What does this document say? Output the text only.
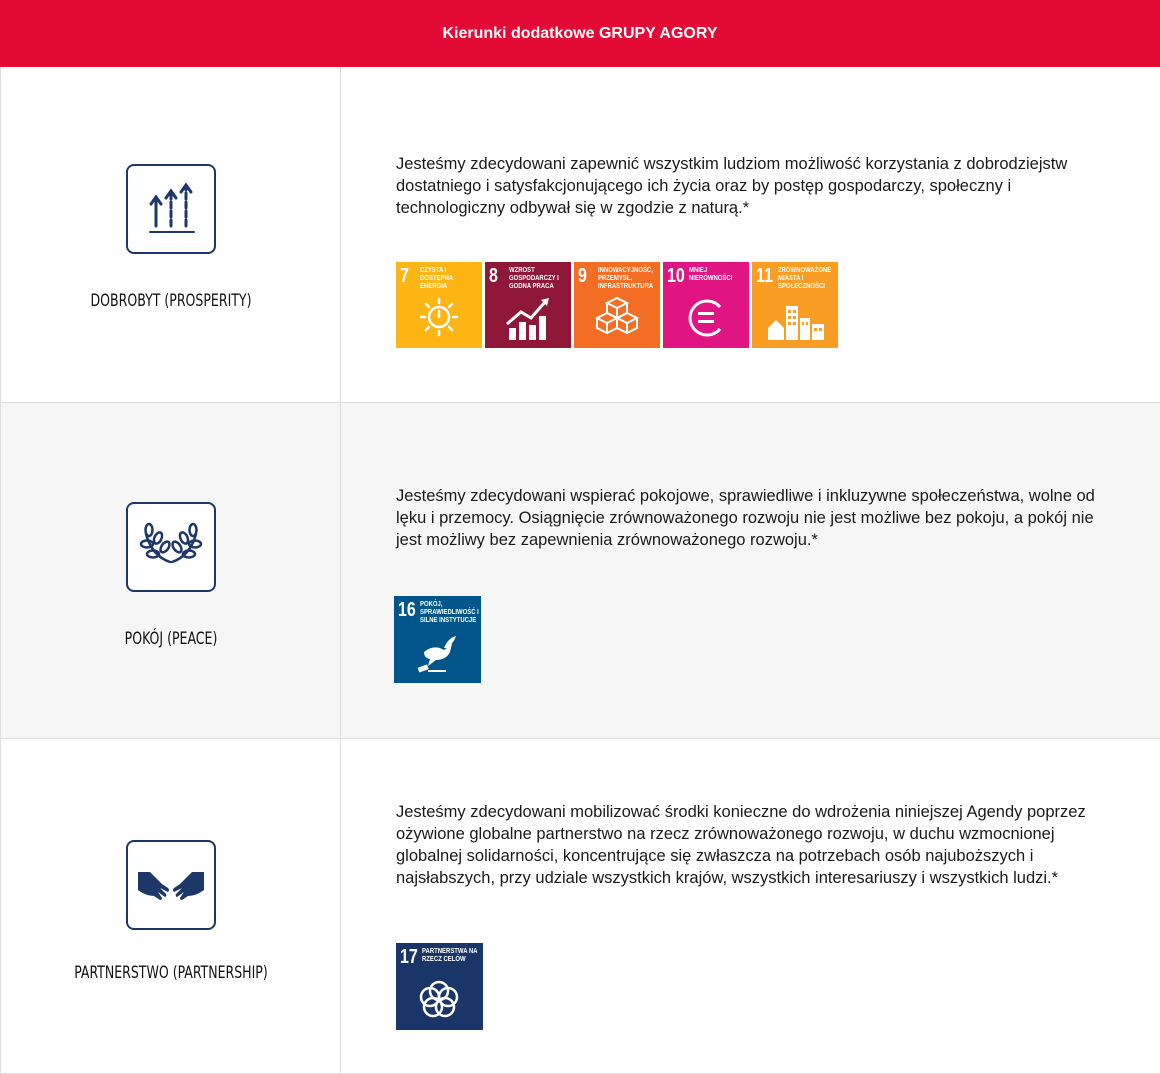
Kierunki dodatkowe GRUPY AGORY
DOBROBYT (PROSPERITY)
Jesteśmy zdecydowani zapewnić wszystkim ludziom możliwość korzystania z dobrodziejstw dostatniego i satysfakcjonującego ich życia oraz by postęp gospodarczy, społeczny i technologiczny odbywał się w zgodzie z naturą.*
7 CZYSTA I DOSTĘPNA ENERGIA	8 WZROST GOSPODARCZY I GODNA PRACA	9 INNOWACYJNOŚĆ, PRZEMYSŁ, INFRASTRUKTURA 10 MNIEJ NIERÓWNOŚCI	11 ZRÓWNOWAŻONE MIASTA I SPOŁECZNOŚCI
POKÓJ (PEACE)
Jesteśmy zdecydowani wspierać pokojowe, sprawiedliwe i inkluzywne społeczeństwa, wolne od lęku i przemocy. Osiągnięcie zrównoważonego rozwoju nie jest możliwe bez pokoju, a pokój nie jest możliwy bez zapewnienia zrównoważonego rozwoju.*
16 POKÓJ, SPRAWIEDLIWOŚĆ I SILNE INSTYTUCJE
PARTNERSTWO (PARTNERSHIP)
Jesteśmy zdecydowani mobilizować środki konieczne do wdrożenia niniejszej Agendy poprzez ożywione globalne partnerstwo na rzecz zrównoważonego rozwoju, w duchu wzmocnionej globalnej solidarności, koncentrujące się zwłaszcza na potrzebach osób najuboższych i najsłabszych, przy udziale wszystkich krajów, wszystkich interesariuszy i wszystkich ludzi.*
17 PARTNERSTWA NA RZECZ CELÓW
